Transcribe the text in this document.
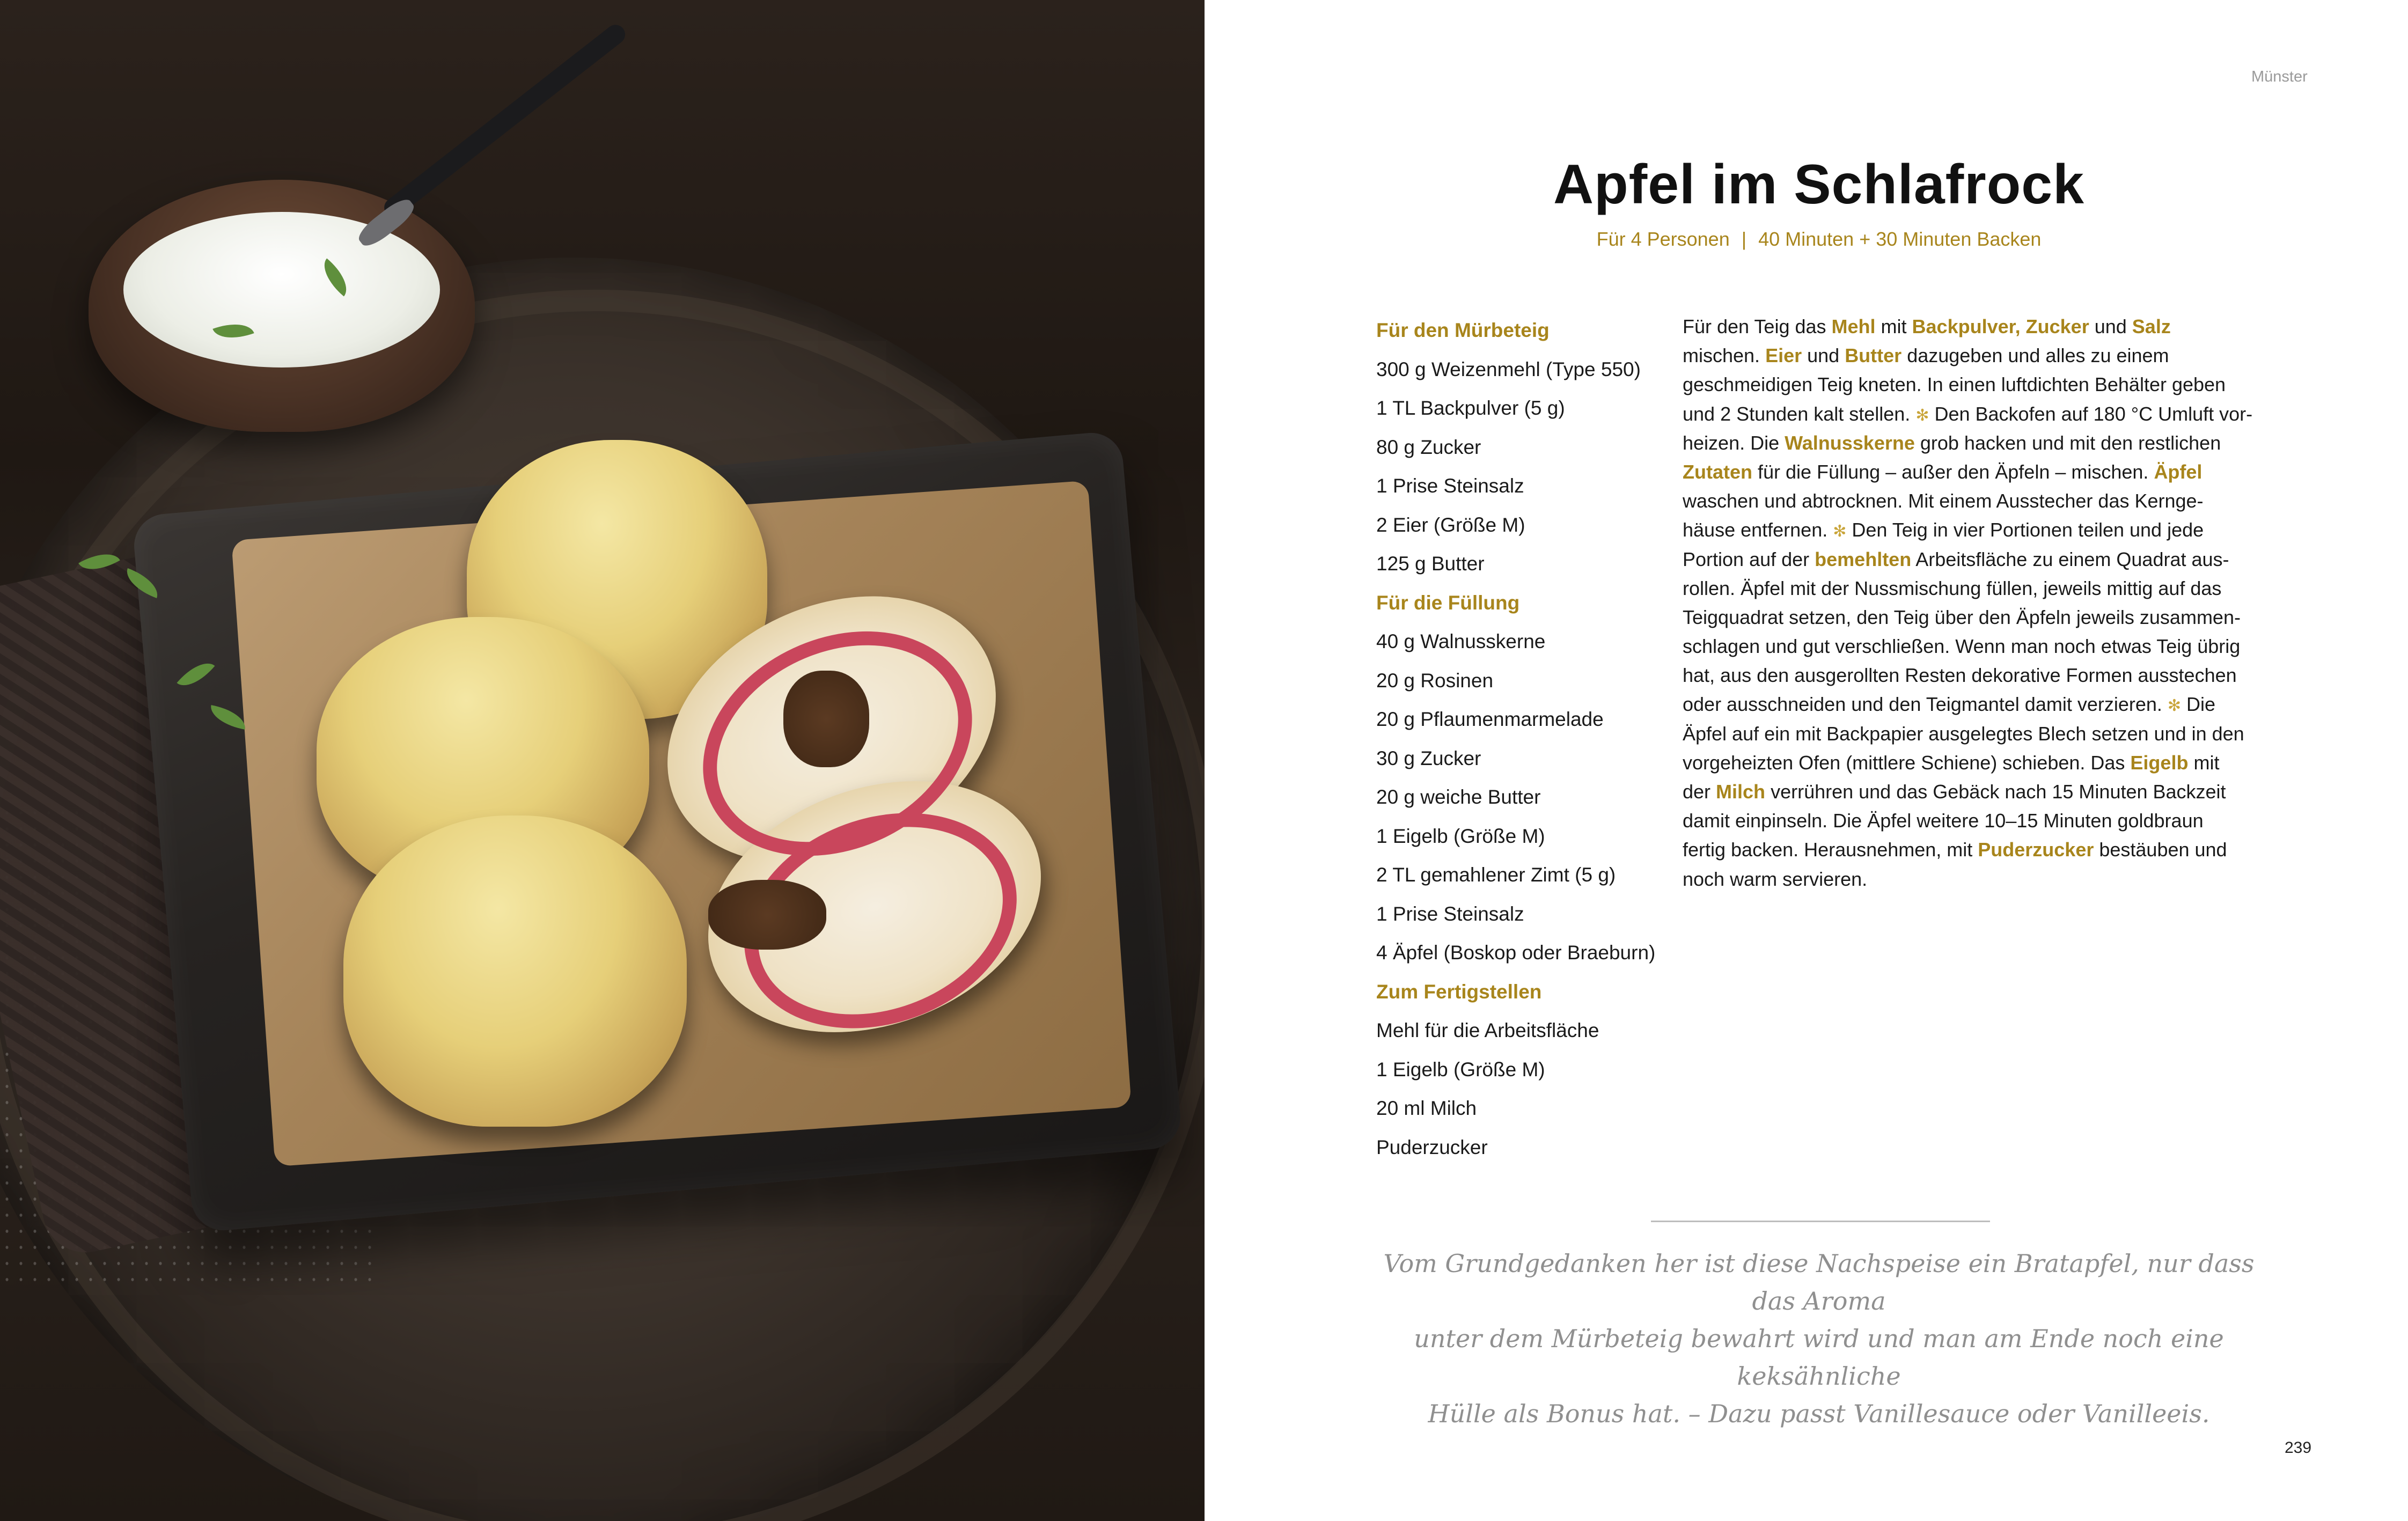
Münster
Apfel im Schlafrock
Für 4 Personen | 40 Minuten + 30 Minuten Backen
Für den Mürbeteig
300 g Weizenmehl (Type 550)
1 TL Backpulver (5 g)
80 g Zucker
1 Prise Steinsalz
2 Eier (Größe M)
125 g Butter
Für die Füllung
40 g Walnusskerne
20 g Rosinen
20 g Pflaumenmarmelade
30 g Zucker
20 g weiche Butter
1 Eigelb (Größe M)
2 TL gemahlener Zimt (5 g)
1 Prise Steinsalz
4 Äpfel (Boskop oder Braeburn)
Zum Fertigstellen
Mehl für die Arbeitsfläche
1 Eigelb (Größe M)
20 ml Milch
Puderzucker
Für den Teig das Mehl mit Backpulver, Zucker und Salz
mischen. Eier und Butter dazugeben und alles zu einem
geschmeidigen Teig kneten. In einen luftdichten Behälter geben
und 2 Stunden kalt stellen. ✻ Den Backofen auf 180 °C Umluft vor-
heizen. Die Walnusskerne grob hacken und mit den restlichen
Zutaten für die Füllung – außer den Äpfeln – mischen. Äpfel
waschen und abtrocknen. Mit einem Ausstecher das Kernge-
häuse entfernen. ✻ Den Teig in vier Portionen teilen und jede
Portion auf der bemehlten Arbeitsfläche zu einem Quadrat aus-
rollen. Äpfel mit der Nussmischung füllen, jeweils mittig auf das
Teigquadrat setzen, den Teig über den Äpfeln jeweils zusammen-
schlagen und gut verschließen. Wenn man noch etwas Teig übrig
hat, aus den ausgerollten Resten dekorative Formen ausstechen
oder ausschneiden und den Teigmantel damit verzieren. ✻ Die
Äpfel auf ein mit Backpapier ausgelegtes Blech setzen und in den
vorgeheizten Ofen (mittlere Schiene) schieben. Das Eigelb mit
der Milch verrühren und das Gebäck nach 15 Minuten Backzeit
damit einpinseln. Die Äpfel weitere 10–15 Minuten goldbraun
fertig backen. Herausnehmen, mit Puderzucker bestäuben und
noch warm servieren.
Vom Grundgedanken her ist diese Nachspeise ein Bratapfel, nur dass das Aroma
unter dem Mürbeteig bewahrt wird und man am Ende noch eine keksähnliche
Hülle als Bonus hat. – Dazu passt Vanillesauce oder Vanilleeis.
239
